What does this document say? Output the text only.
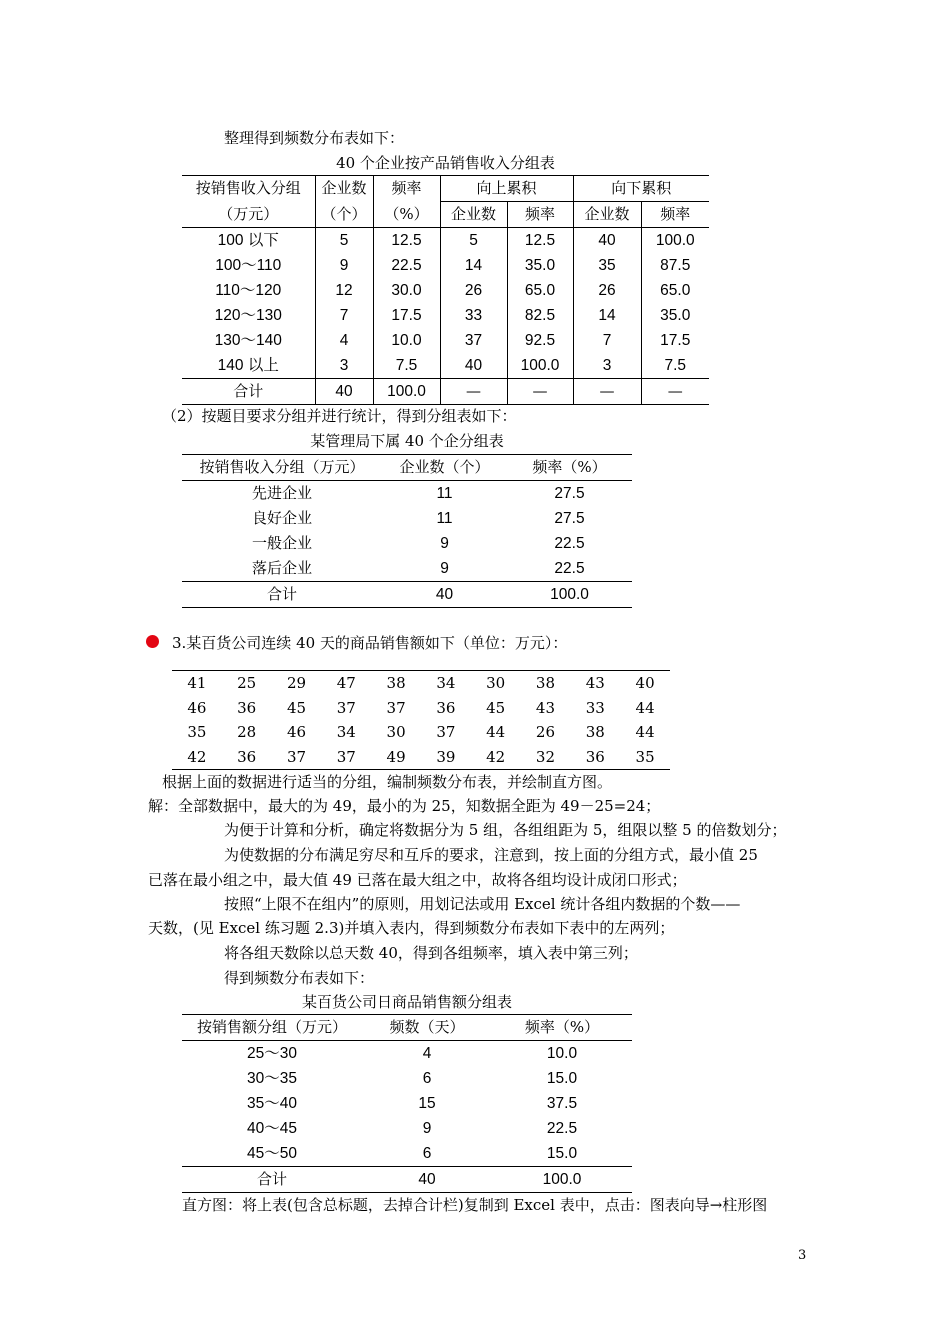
整理得到频数分布表如下：
40 个企业按产品销售收入分组表
按销售收入分组	企业数	频率	向上累积		向下累积	
（万元）	（个）	（%）	企业数	频率	企业数	频率
100 以下	5	12.5	5	12.5	40	100.0
100～110	9	22.5	14	35.0	35	87.5
110～120	12	30.0	26	65.0	26	65.0
120～130	7	17.5	33	82.5	14	35.0
130～140	4	10.0	37	92.5	7	17.5
140 以上	3	7.5	40	100.0	3	7.5
合计	40	100.0	—	—	—	—
（2）按题目要求分组并进行统计，得到分组表如下：
某管理局下属 40 个企分组表
按销售收入分组（万元）	企业数（个）	频率（%）
先进企业	11	27.5
良好企业	11	27.5
一般企业	9	22.5
落后企业	9	22.5
合计	40	100.0
3.某百货公司连续 40 天的商品销售额如下（单位：万元）：
41	25	29	47	38	34	30	38	43	40
46	36	45	37	37	36	45	43	33	44
35	28	46	34	30	37	44	26	38	44
42	36	37	37	49	39	42	32	36	35
根据上面的数据进行适当的分组，编制频数分布表，并绘制直方图。
解：全部数据中，最大的为 49，最小的为 25，知数据全距为 49－25=24；
为便于计算和分析，确定将数据分为 5 组，各组组距为 5，组限以整 5 的倍数划分；
为使数据的分布满足穷尽和互斥的要求，注意到，按上面的分组方式，最小值 25
已落在最小组之中，最大值 49 已落在最大组之中，故将各组均设计成闭口形式；
按照“上限不在组内”的原则，用划记法或用 Excel 统计各组内数据的个数——
天数，(见 Excel 练习题 2.3)并填入表内，得到频数分布表如下表中的左两列；
将各组天数除以总天数 40，得到各组频率，填入表中第三列；
得到频数分布表如下：
某百货公司日商品销售额分组表
按销售额分组（万元）	频数（天）	频率（%）
25～30	4	10.0
30～35	6	15.0
35～40	15	37.5
40～45	9	22.5
45～50	6	15.0
合计	40	100.0
直方图：将上表(包含总标题，去掉合计栏)复制到 Excel 表中，点击：图表向导→柱形图
3
